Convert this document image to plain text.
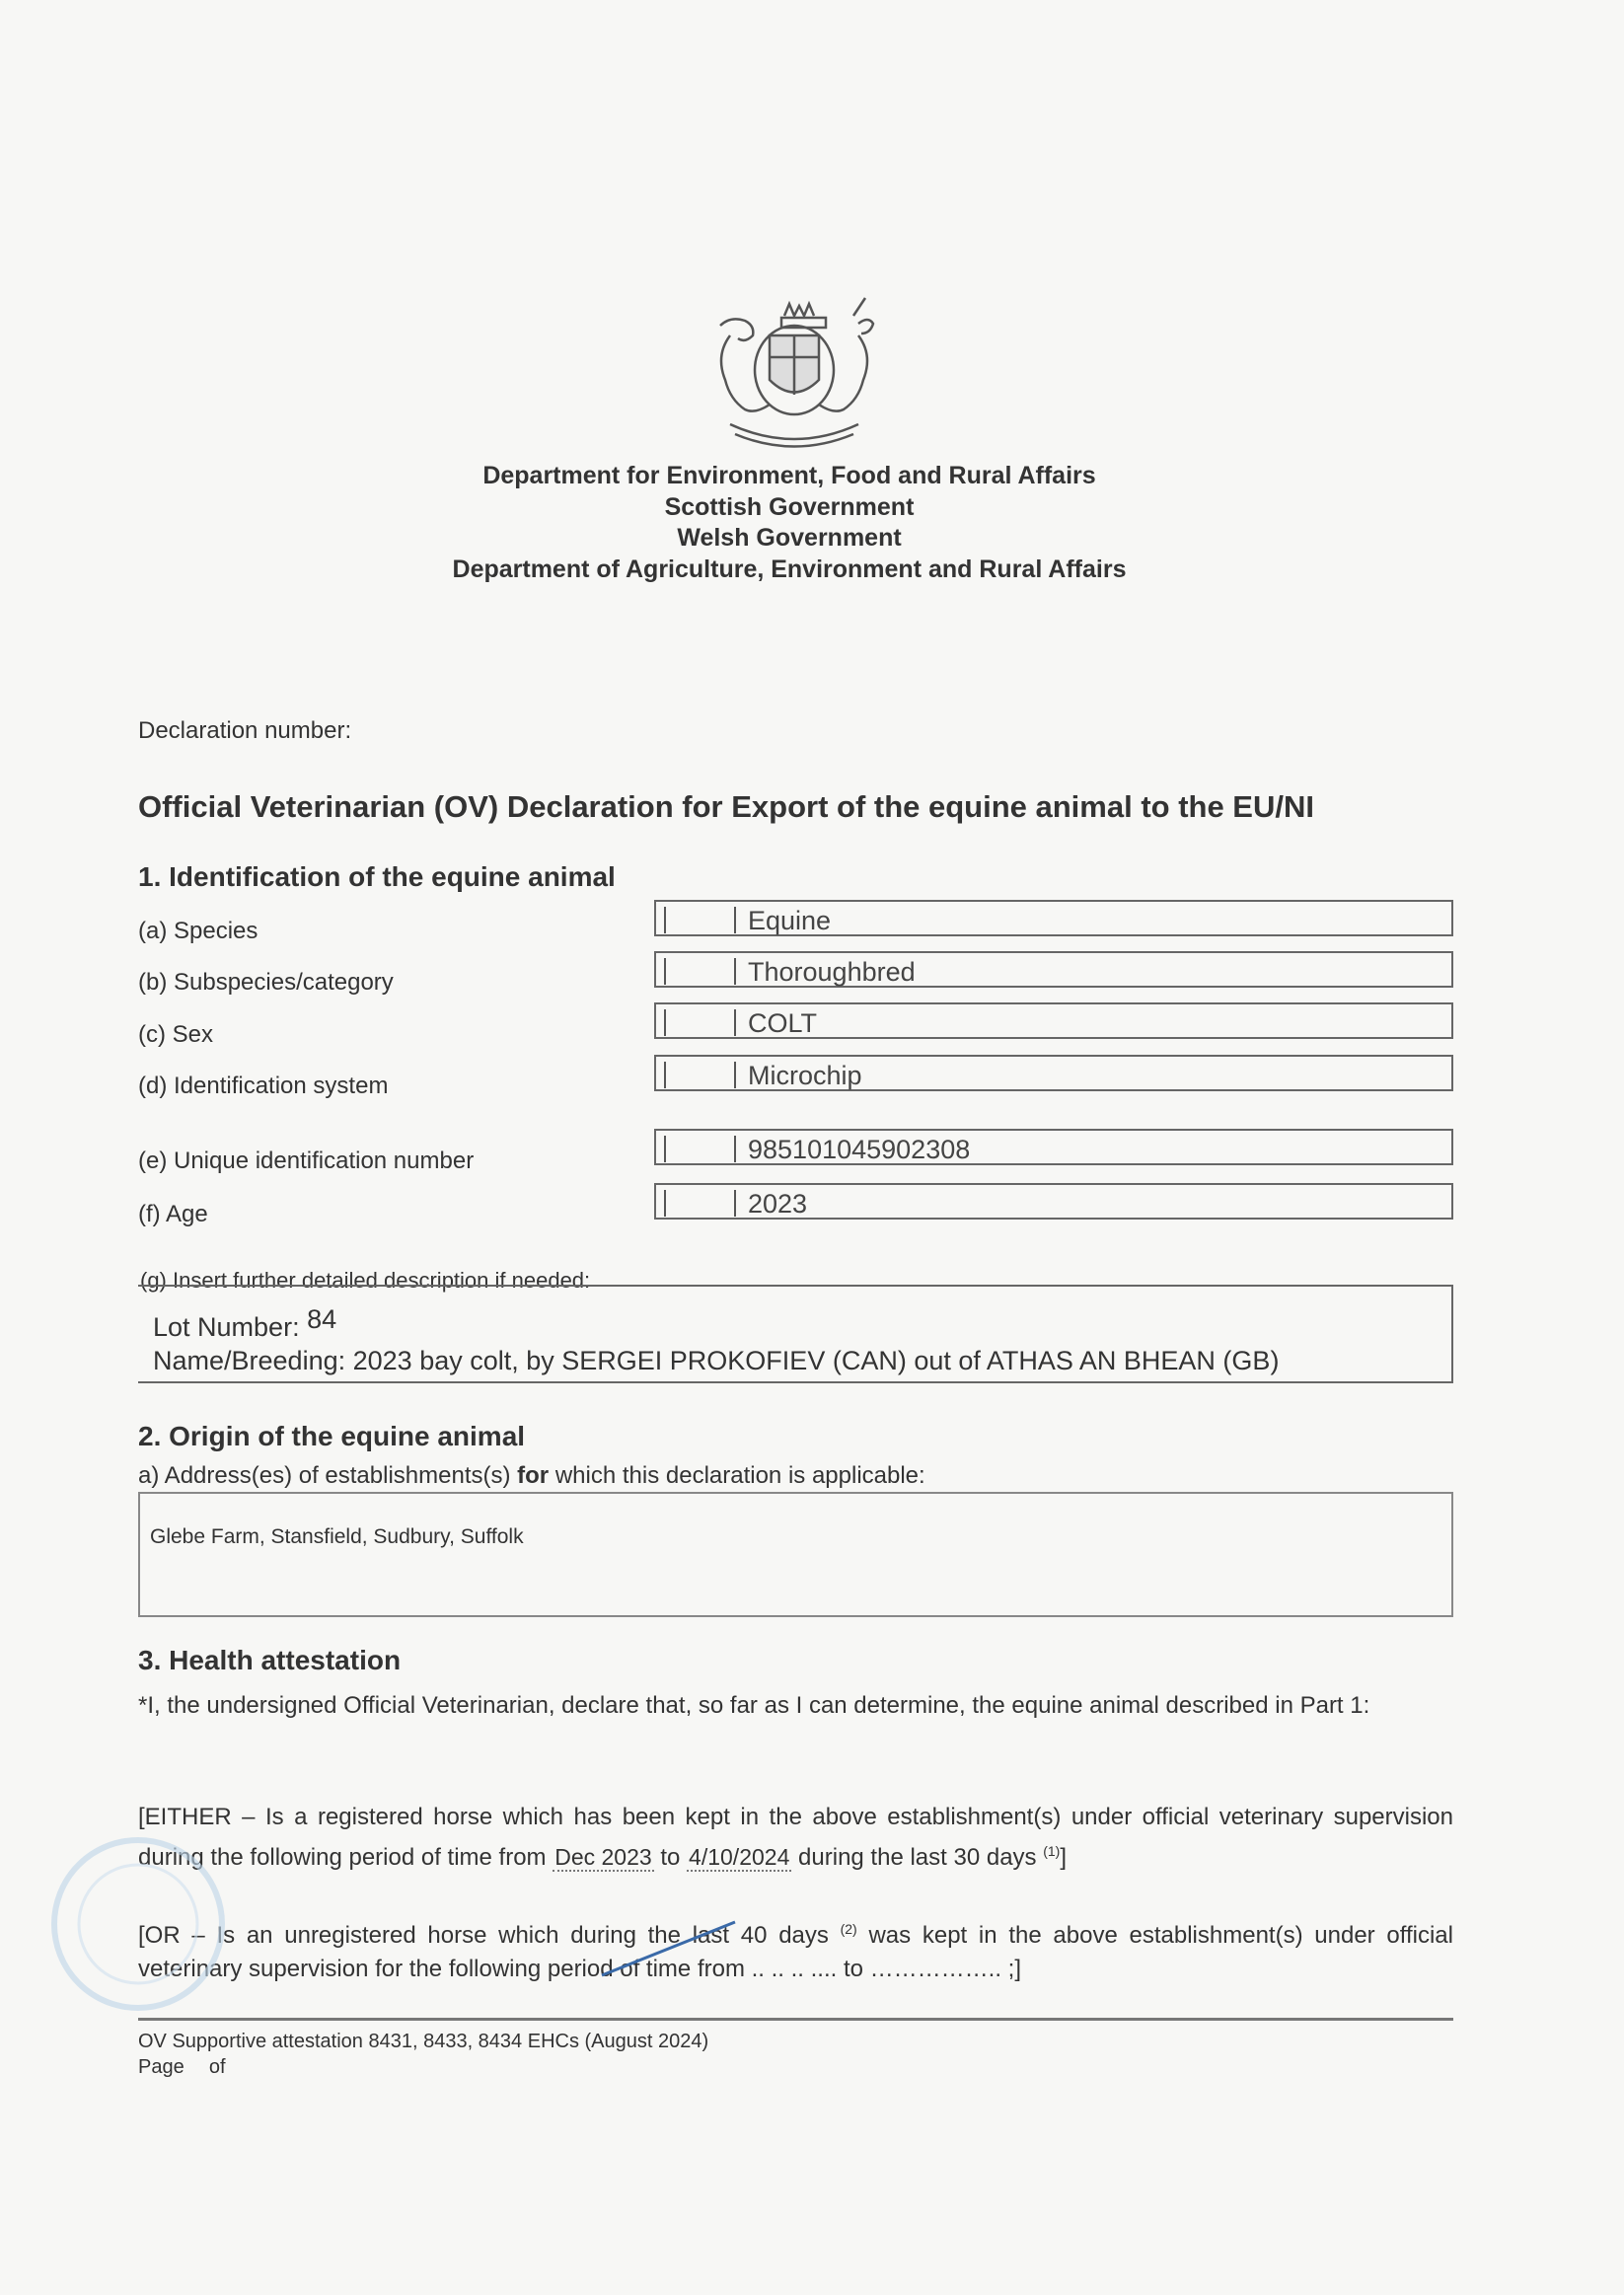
Department for Environment, Food and Rural Affairs
Scottish Government
Welsh Government
Department of Agriculture, Environment and Rural Affairs
Declaration number:
Official Veterinarian (OV) Declaration for Export of the equine animal to the EU/NI
1. Identification of the equine animal
(a) Species	Equine
(b) Subspecies/category	Thoroughbred
(c) Sex	COLT
(d) Identification system	Microchip
(e) Unique identification number	985101045902308
(f) Age	2023
(g) Insert further detailed description if needed:
Lot Number: 84
Name/Breeding: 2023 bay colt, by SERGEI PROKOFIEV (CAN) out of ATHAS AN BHEAN (GB)
2. Origin of the equine animal
a) Address(es) of establishments(s) for which this declaration is applicable:
Glebe Farm, Stansfield, Sudbury, Suffolk
3. Health attestation
*I, the undersigned Official Veterinarian, declare that, so far as I can determine, the equine animal described in Part 1:
[EITHER – Is a registered horse which has been kept in the above establishment(s) under official veterinary supervision during the following period of time from Dec 2023 to 4/10/2024 during the last 30 days $^{(1)}$]
[OR – Is an unregistered horse which during the last 40 days $^{(2)}$ was kept in the above establishment(s) under official veterinary supervision for the following period of time from .. .. .. .... to …………….. ;]
OV Supportive attestation 8431, 8433, 8434 EHCs (August 2024)
Page of
